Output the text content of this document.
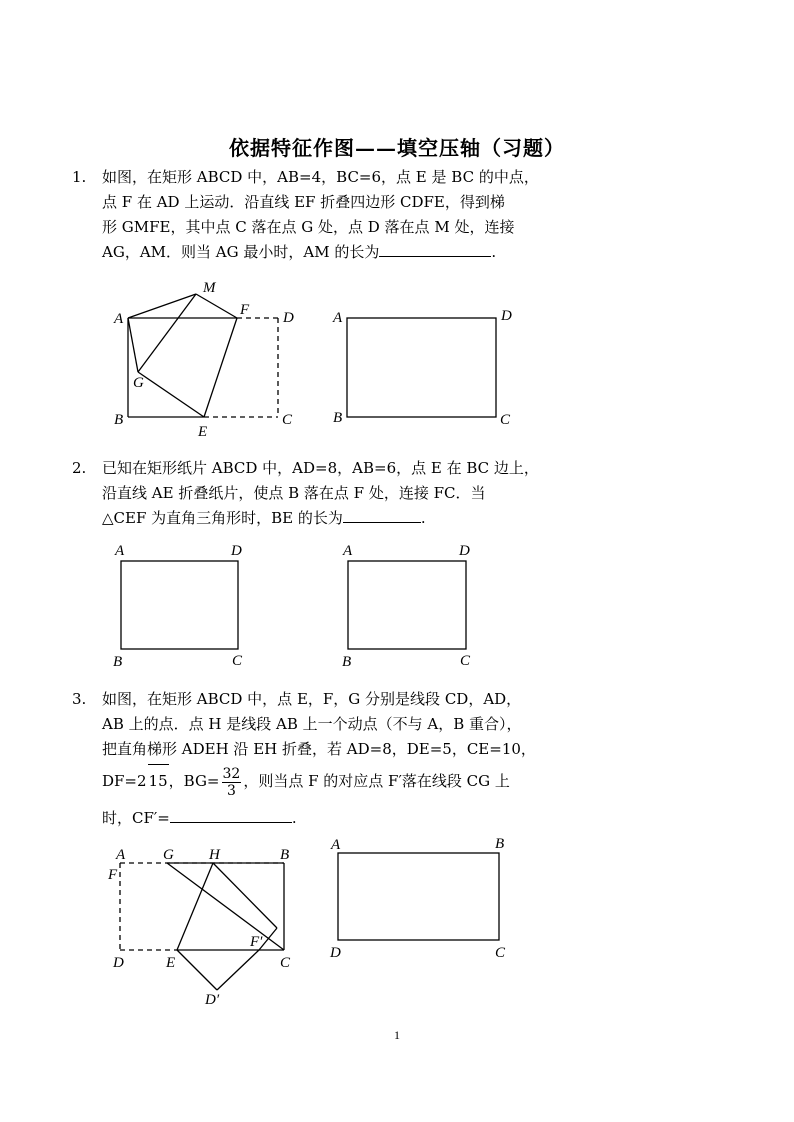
依据特征作图——填空压轴（习题）
1. 如图，在矩形 ABCD 中，AB=4，BC=6，点 E 是 BC 的中点，
点 F 在 AD 上运动．沿直线 EF 折叠四边形 CDFE，得到梯
形 GMFE，其中点 C 落在点 G 处，点 D 落在点 M 处，连接
AG，AM．则当 AG 最小时，AM 的长为	.
2. 已知在矩形纸片 ABCD 中，AD=8，AB=6，点 E 在 BC 边上，
沿直线 AE 折叠纸片，使点 B 落在点 F 处，连接 FC．当
△CEF 为直角三角形时，BE 的长为	.
3. 如图，在矩形 ABCD 中，点 E，F，G 分别是线段 CD，AD，
AB 上的点．点 H 是线段 AB 上一个动点（不与 A，B 重合），
把直角梯形 ADEH 沿 EH 折叠，若 AD=8，DE=5，CE=10，
DF=2 15，$BG= \frac{32}{3}$ ，则当点 F 的对应点 F′落在线段 CG 上
时，CF′=	.
A
B	C
D
E
F
G
M
A
B	C
D
A
B	C
D	A
B	C
D
A	G H	B
F
F′
D	E	C
D′
A	B
D	C
1
